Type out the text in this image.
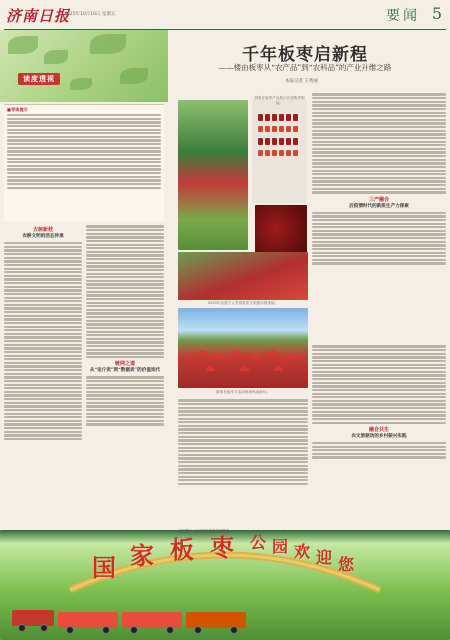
济南日报
2025年10月10日 星期五	要闻 5
读度透视
千年板枣启新程
——楼由板枣从“农产品”到“农科品”的产业升维之路
本报记者 王秀丽
■导读提示
古树新枝
农耕文明的活态传承
链网之道
从“论斤卖”到“数据卖”的价值迭代
游客在板枣产品展示区选购枣制品。
2025年乐陵千人枣园赏枣文旅游乐园现场。
游客在板枣节活动现场休闲游玩。
三产融合
后疫情时代的新质生产力探索
融合共生
农文旅驱动的乡村振兴实践
国 家 板 枣 公 园 欢 迎 您
本版图片 / 由乐陵市委宣传部提供
